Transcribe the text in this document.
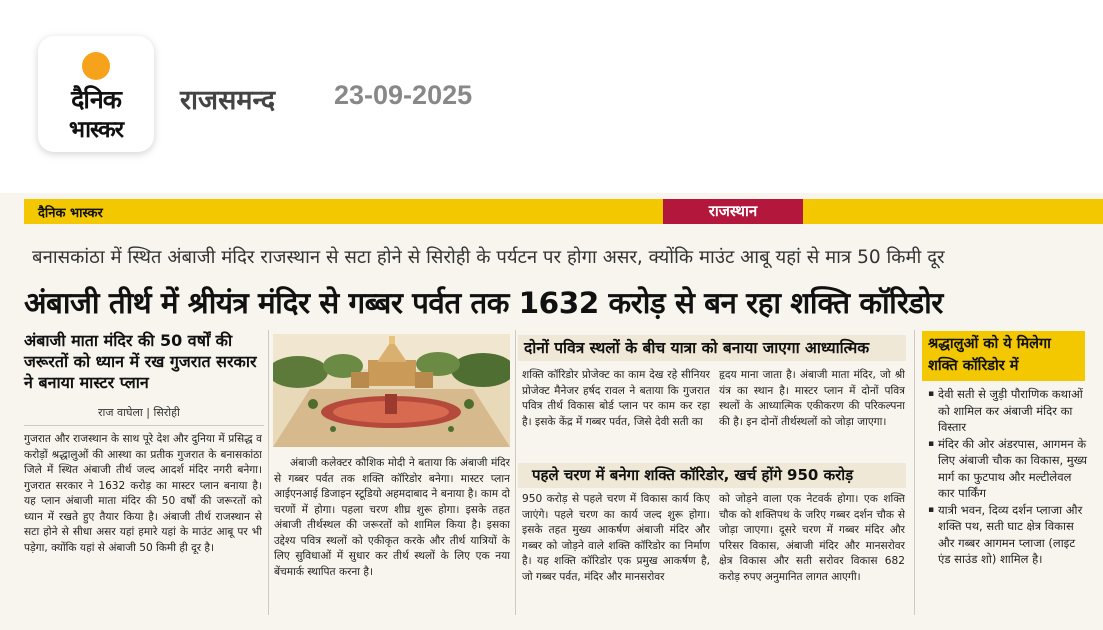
दैनिक
भास्कर
राजसमन्द 23-09-2025
दैनिक भास्कर	राजस्थान
बनासकांठा में स्थित अंबाजी मंदिर राजस्थान से सटा होने से सिरोही के पर्यटन पर होगा असर, क्योंकि माउंट आबू यहां से मात्र 50 किमी दूर
अंबाजी तीर्थ में श्रीयंत्र मंदिर से गब्बर पर्वत तक 1632 करोड़ से बन रहा शक्ति कॉरिडोर
अंबाजी माता मंदिर की 50 वर्षों की जरूरतों को ध्यान में रख गुजरात सरकार ने बनाया मास्टर प्लान
राज वाघेला | सिरोही
गुजरात और राजस्थान के साथ पूरे देश और दुनिया में प्रसिद्ध व करोड़ों श्रद्धालुओं की आस्था का प्रतीक गुजरात के बनासकांठा जिले में स्थित अंबाजी तीर्थ जल्द आदर्श मंदिर नगरी बनेगा। गुजरात सरकार ने 1632 करोड़ का मास्टर प्लान बनाया है। यह प्लान अंबाजी माता मंदिर की 50 वर्षों की जरूरतों को ध्यान में रखते हुए तैयार किया है। अंबाजी तीर्थ राजस्थान से सटा होने से सीधा असर यहां हमारे यहां के माउंट आबू पर भी पड़ेगा, क्योंकि यहां से अंबाजी 50 किमी ही दूर है।
अंबाजी कलेक्टर कौशिक मोदी ने बताया कि अंबाजी मंदिर से गब्बर पर्वत तक शक्ति कॉरिडोर बनेगा। मास्टर प्लान आईएनआई डिजाइन स्टूडियो अहमदाबाद ने बनाया है। काम दो चरणों में होगा। पहला चरण शीघ्र शुरू होगा। इसके तहत अंबाजी तीर्थस्थल की जरूरतों को शामिल किया है। इसका उद्देश्य पवित्र स्थलों को एकीकृत करके और तीर्थ यात्रियों के लिए सुविधाओं में सुधार कर तीर्थ स्थलों के लिए एक नया बेंचमार्क स्थापित करना है।
दोनों पवित्र स्थलों के बीच यात्रा को बनाया जाएगा आध्यात्मिक
शक्ति कॉरिडोर प्रोजेक्ट का काम देख रहे सीनियर प्रोजेक्ट मैनेजर हर्षद रावल ने बताया कि गुजरात पवित्र तीर्थ विकास बोर्ड प्लान पर काम कर रहा है। इसके केंद्र में गब्बर पर्वत, जिसे देवी सती का
हृदय माना जाता है। अंबाजी माता मंदिर, जो श्री यंत्र का स्थान है। मास्टर प्लान में दोनों पवित्र स्थलों के आध्यात्मिक एकीकरण की परिकल्पना की है। इन दोनों तीर्थस्थलों को जोड़ा जाएगा।
पहले चरण में बनेगा शक्ति कॉरिडोर, खर्च होंगे 950 करोड़
950 करोड़ से पहले चरण में विकास कार्य किए जाएंगे। पहले चरण का कार्य जल्द शुरू होगा। इसके तहत मुख्य आकर्षण अंबाजी मंदिर और गब्बर को जोड़ने वाले शक्ति कॉरिडोर का निर्माण है। यह शक्ति कॉरिडोर एक प्रमुख आकर्षण है, जो गब्बर पर्वत, मंदिर और मानसरोवर
को जोड़ने वाला एक नेटवर्क होगा। एक शक्ति चौक को शक्तिपथ के जरिए गब्बर दर्शन चौक से जोड़ा जाएगा। दूसरे चरण में गब्बर मंदिर और परिसर विकास, अंबाजी मंदिर और मानसरोवर क्षेत्र विकास और सती सरोवर विकास 682 करोड़ रुपए अनुमानित लागत आएगी।
श्रद्धालुओं को ये मिलेगा शक्ति कॉरिडोर में
▪ देवी सती से जुड़ी पौराणिक कथाओं को शामिल कर अंबाजी मंदिर का विस्तार
▪ मंदिर की ओर अंडरपास, आगमन के लिए अंबाजी चौक का विकास, मुख्य मार्ग का फुटपाथ और मल्टीलेवल कार पार्किंग
▪ यात्री भवन, दिव्य दर्शन प्लाजा और शक्ति पथ, सती घाट क्षेत्र विकास और गब्बर आगमन प्लाजा (लाइट एंड साउंड शो) शामिल है।
